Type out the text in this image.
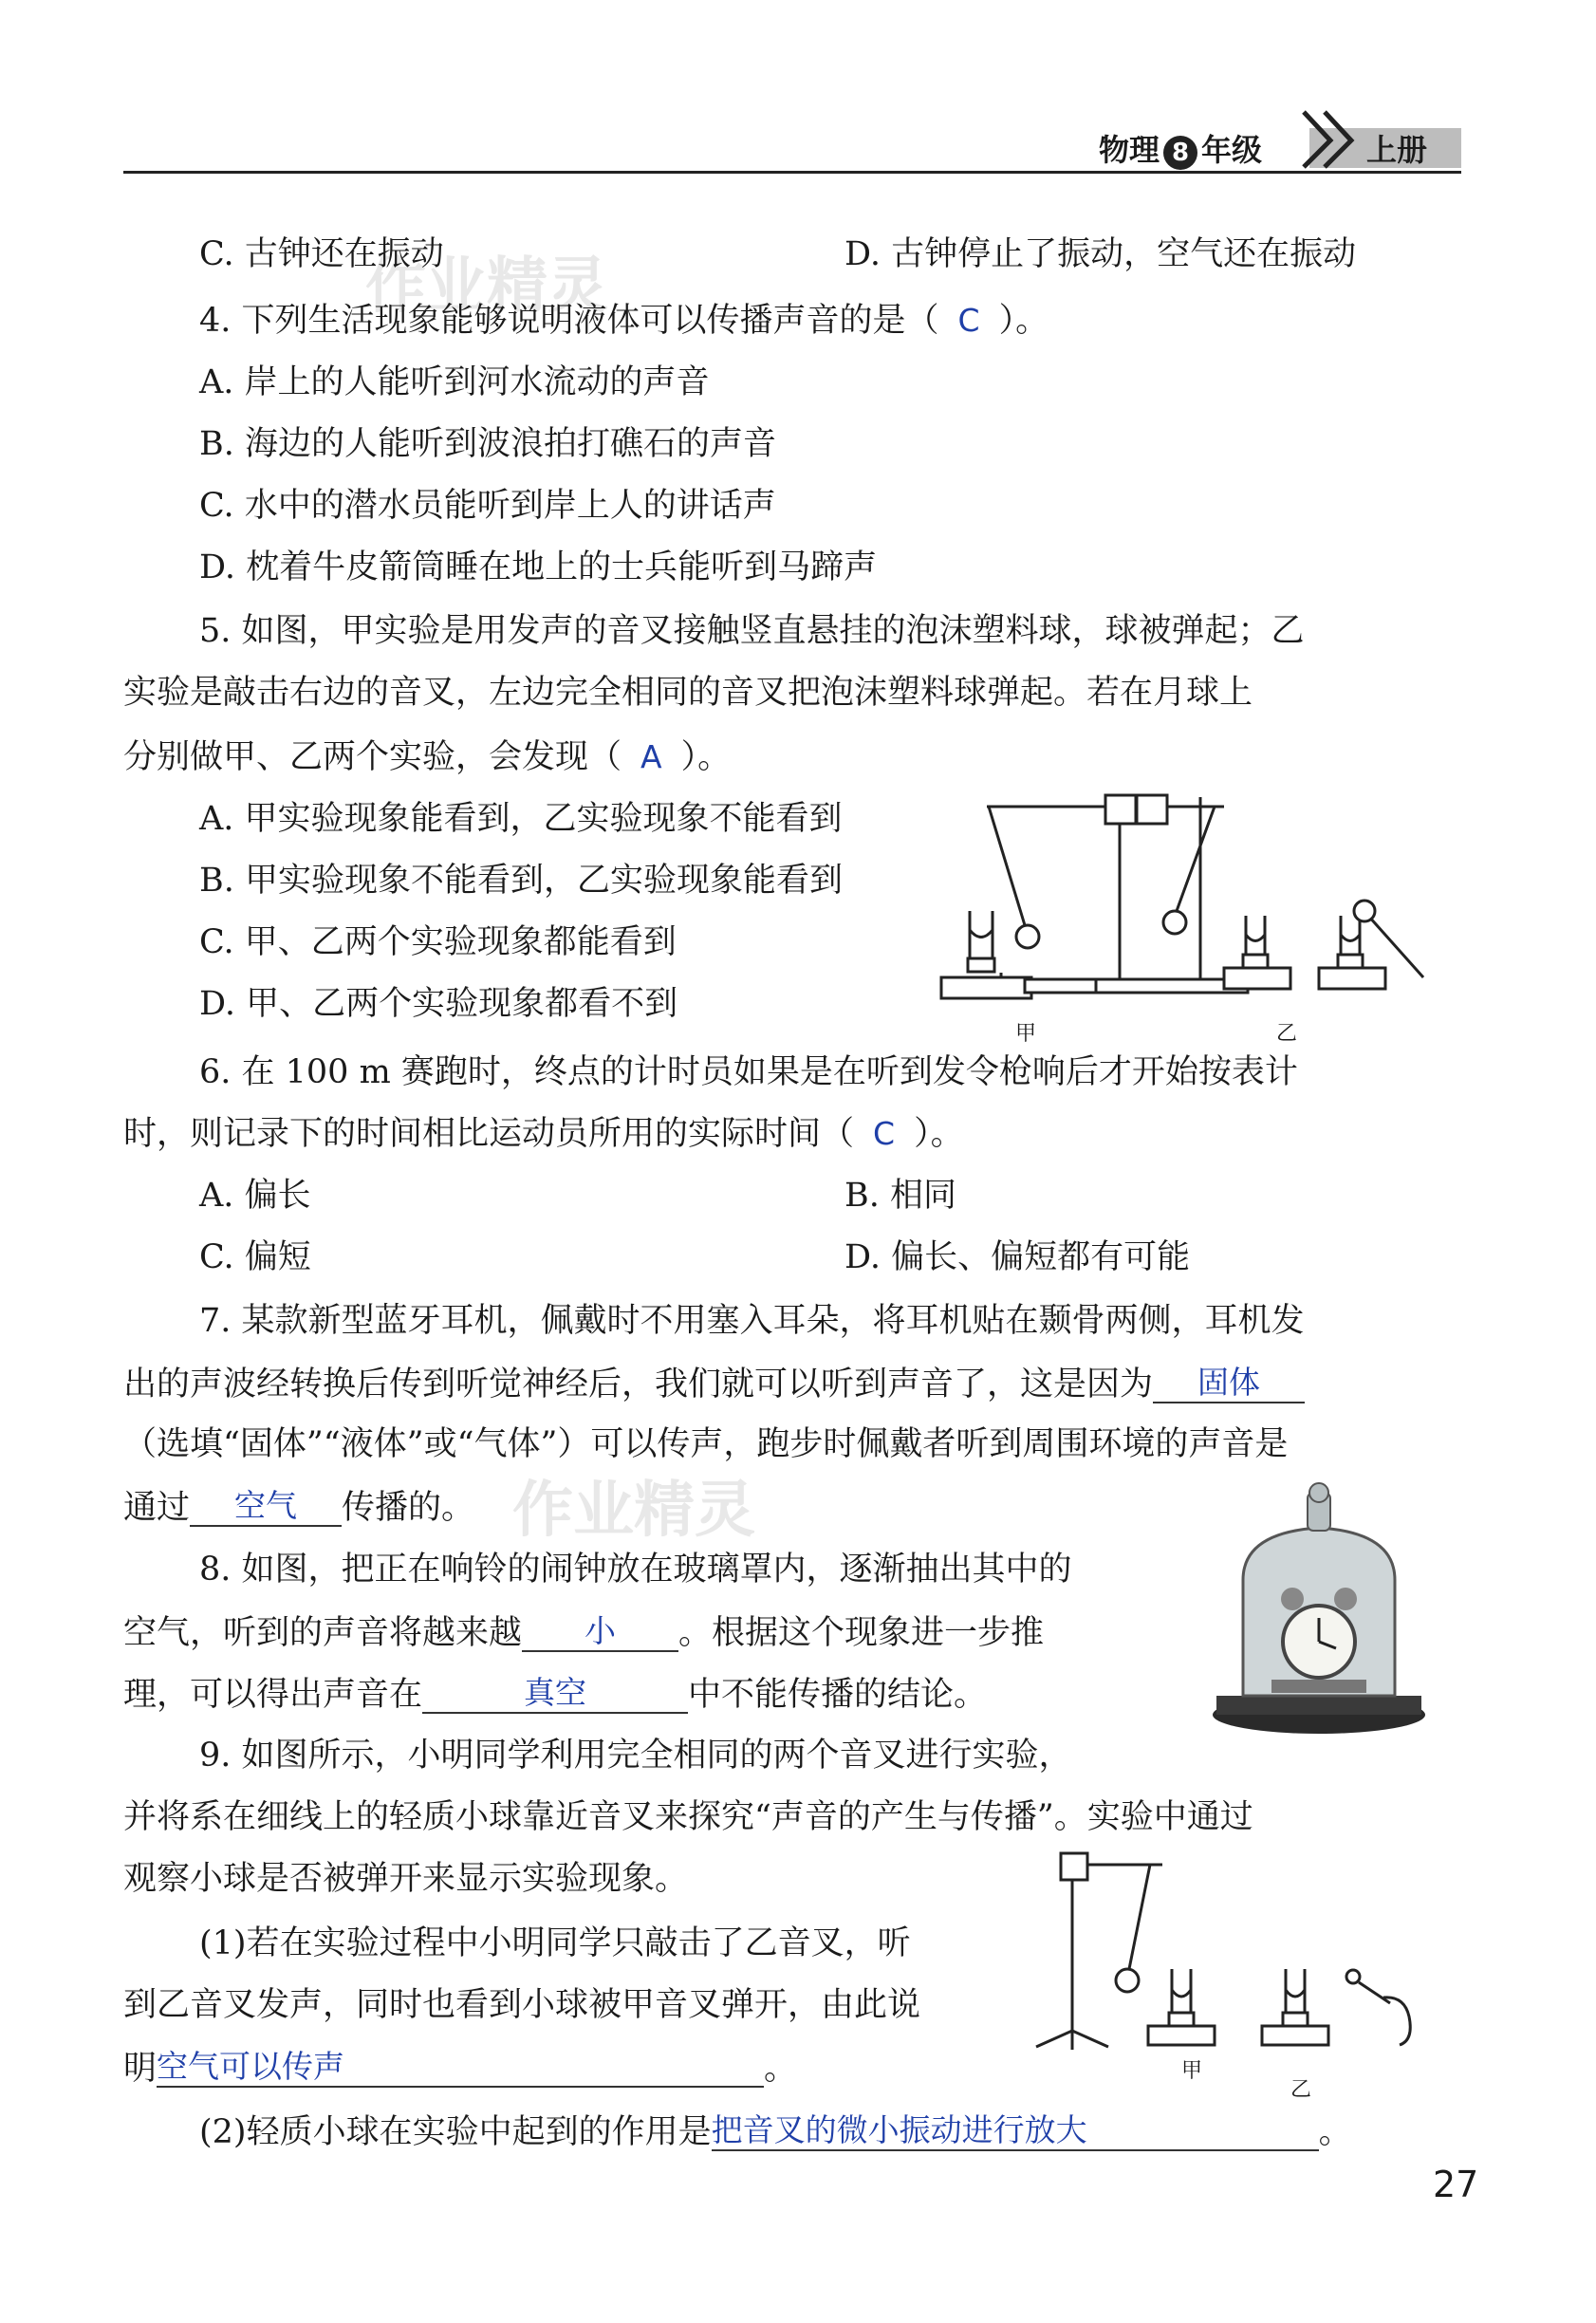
物理 8 年级	上册
作业精灵
作业精灵
C. 古钟还在振动	D. 古钟停止了振动，空气还在振动
4. 下列生活现象能够说明液体可以传播声音的是（ C ）。
A. 岸上的人能听到河水流动的声音
B. 海边的人能听到波浪拍打礁石的声音
C. 水中的潜水员能听到岸上人的讲话声
D. 枕着牛皮箭筒睡在地上的士兵能听到马蹄声
5. 如图，甲实验是用发声的音叉接触竖直悬挂的泡沫塑料球，球被弹起；乙
实验是敲击右边的音叉，左边完全相同的音叉把泡沫塑料球弹起。若在月球上
分别做甲、乙两个实验，会发现（ A ）。
A. 甲实验现象能看到，乙实验现象不能看到
B. 甲实验现象不能看到，乙实验现象能看到
C. 甲、乙两个实验现象都能看到
D. 甲、乙两个实验现象都看不到
甲	乙
6. 在 100 m 赛跑时，终点的计时员如果是在听到发令枪响后才开始按表计
时，则记录下的时间相比运动员所用的实际时间（ C ）。
A. 偏长	B. 相同
C. 偏短	D. 偏长、偏短都有可能
7. 某款新型蓝牙耳机，佩戴时不用塞入耳朵，将耳机贴在颞骨两侧，耳机发
出的声波经转换后传到听觉神经后，我们就可以听到声音了，这是因为 固体
（选填“固体”“液体”或“气体”）可以传声，跑步时佩戴者听到周围环境的声音是
通过 空气 传播的。
8. 如图，把正在响铃的闹钟放在玻璃罩内，逐渐抽出其中的
空气，听到的声音将越来越 小 。根据这个现象进一步推
理，可以得出声音在	真空	中不能传播的结论。
9. 如图所示，小明同学利用完全相同的两个音叉进行实验，
并将系在细线上的轻质小球靠近音叉来探究“声音的产生与传播”。实验中通过
观察小球是否被弹开来显示实验现象。
(1)若在实验过程中小明同学只敲击了乙音叉，听
到乙音叉发声，同时也看到小球被甲音叉弹开，由此说
明空气可以传声	。
(2)轻质小球在实验中起到的作用是把音叉的微小振动进行放大	。
甲
乙
27
